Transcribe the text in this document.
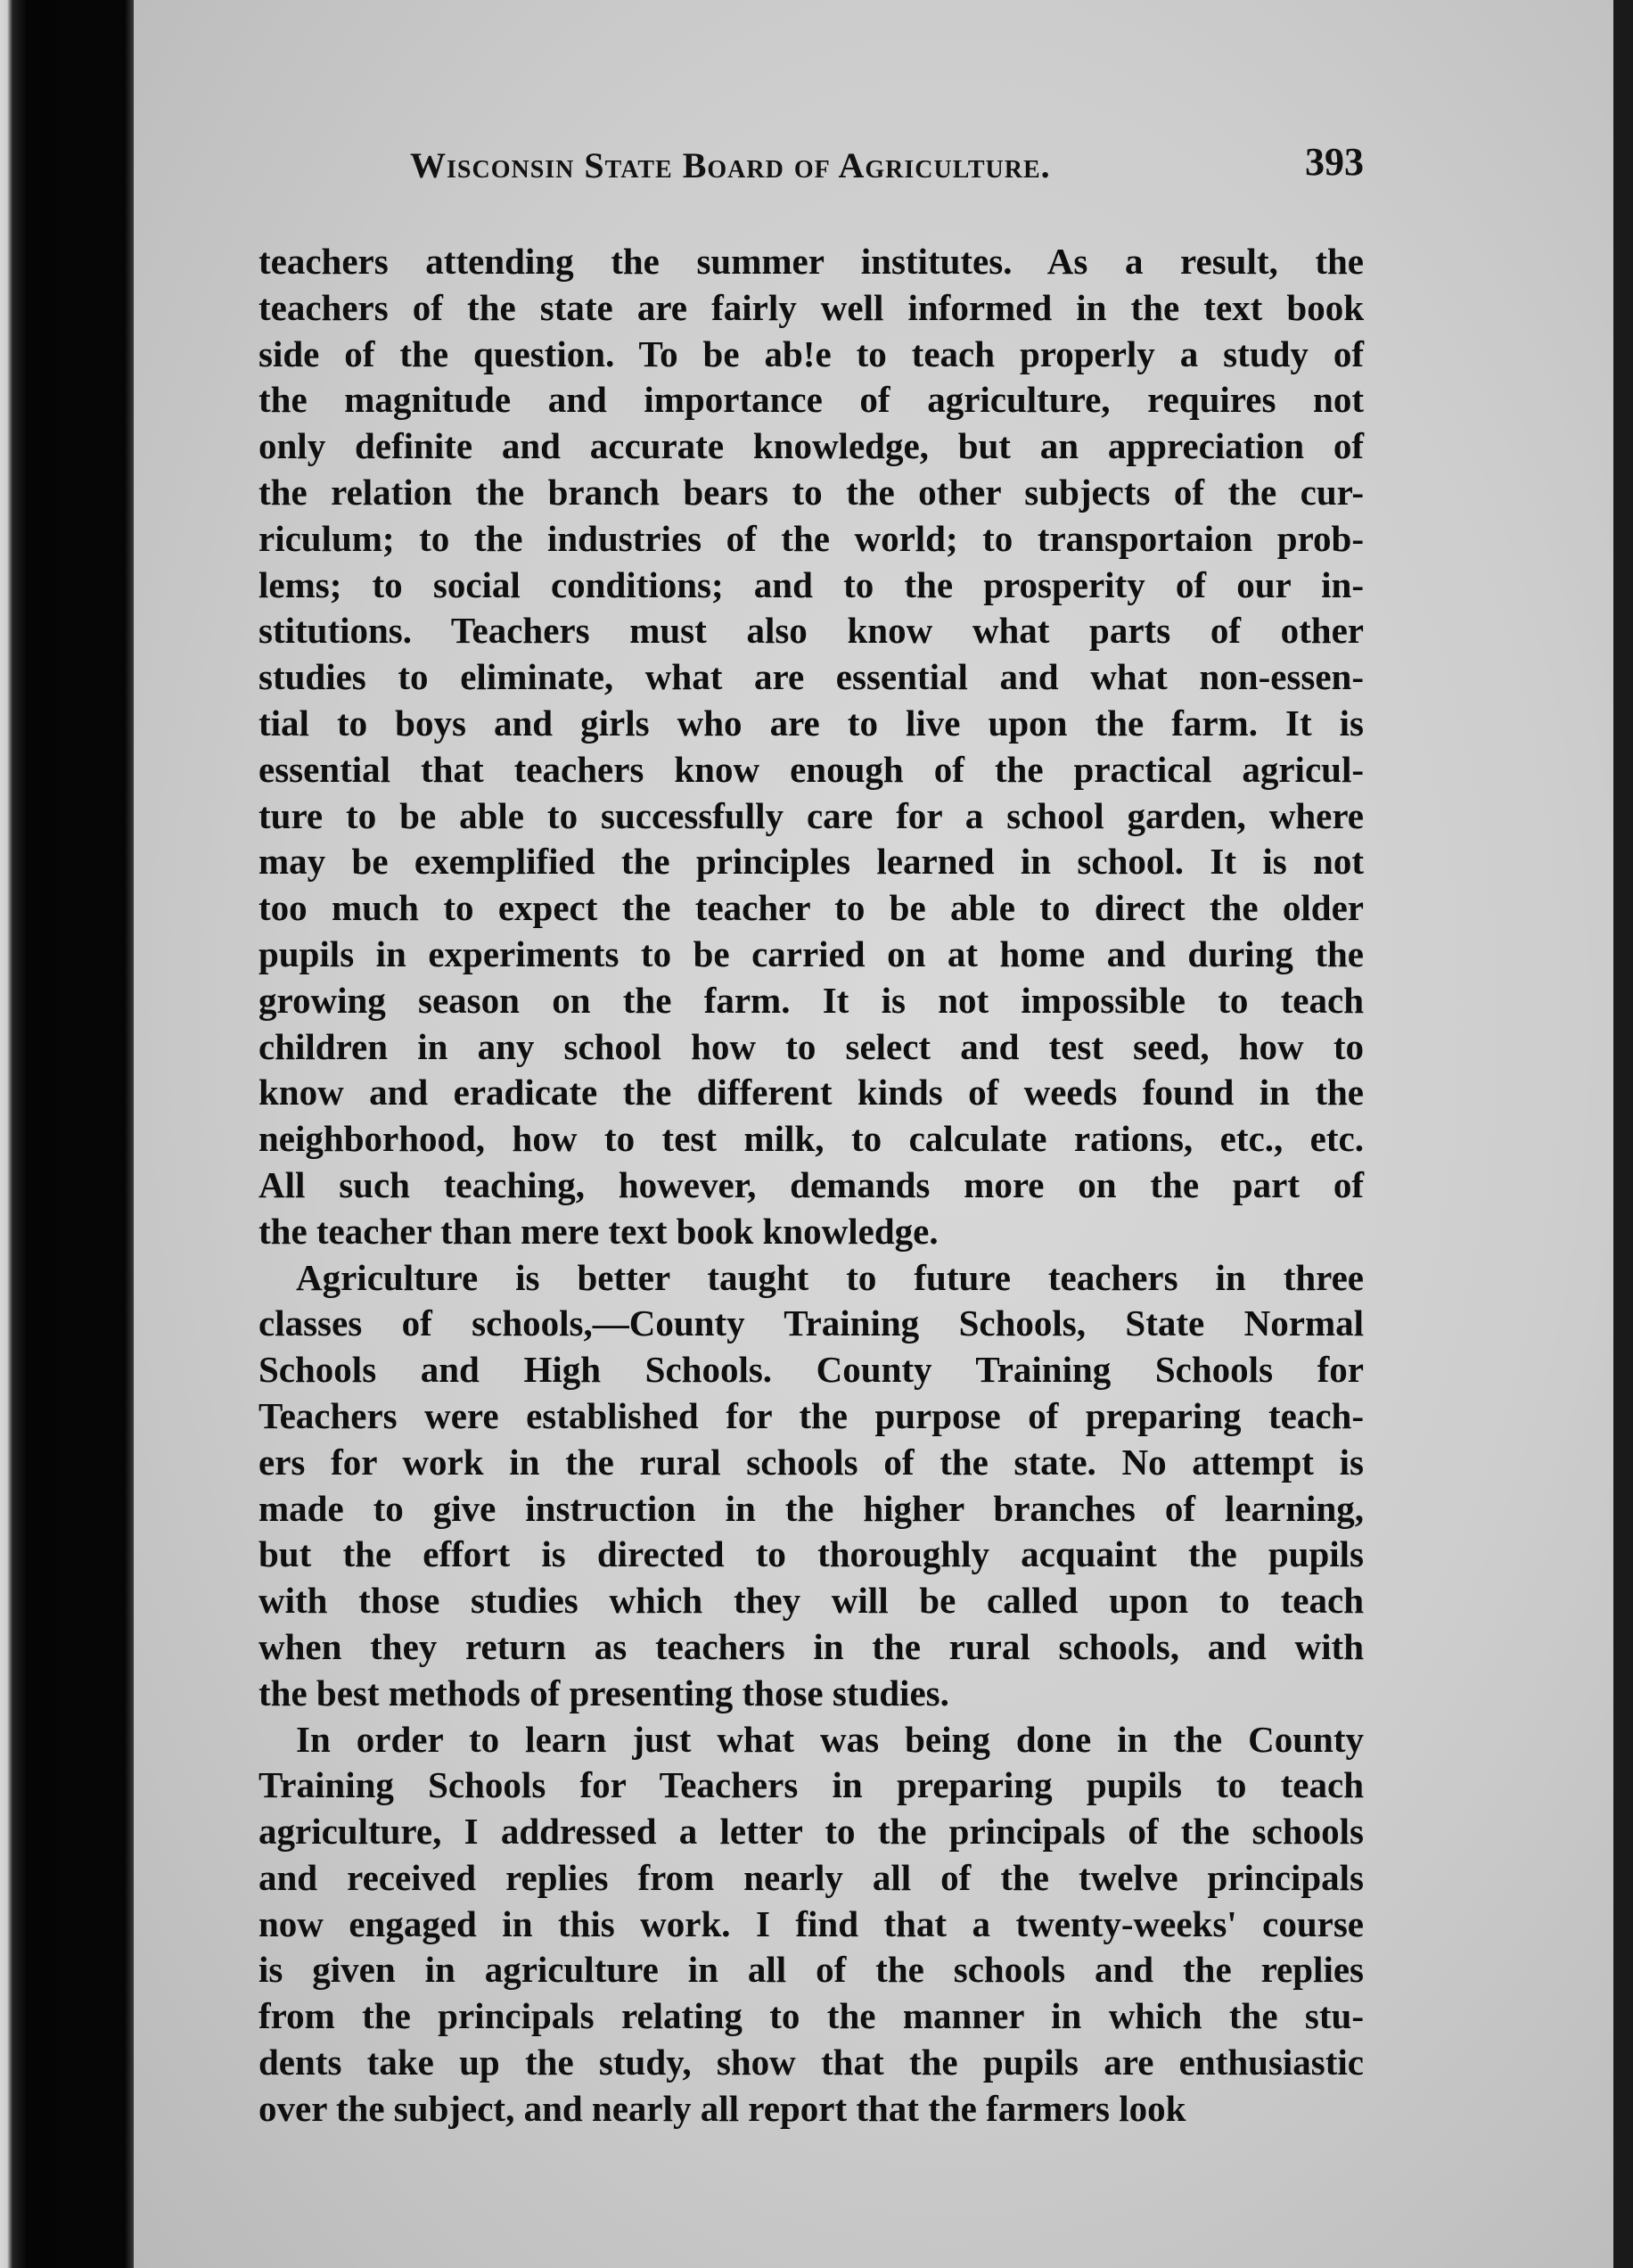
Wisconsin State Board of Agriculture.	393
teachers attending the summer institutes. As a result, the
teachers of the state are fairly well informed in the text book
side of the question. To be ab!e to teach properly a study of
the magnitude and importance of agriculture, requires not
only definite and accurate knowledge, but an appreciation of
the relation the branch bears to the other subjects of the cur-
riculum; to the industries of the world; to transportaion prob-
lems; to social conditions; and to the prosperity of our in-
stitutions. Teachers must also know what parts of other
studies to eliminate, what are essential and what non-essen-
tial to boys and girls who are to live upon the farm. It is
essential that teachers know enough of the practical agricul-
ture to be able to successfully care for a school garden, where
may be exemplified the principles learned in school. It is not
too much to expect the teacher to be able to direct the older
pupils in experiments to be carried on at home and during the
growing season on the farm. It is not impossible to teach
children in any school how to select and test seed, how to
know and eradicate the different kinds of weeds found in the
neighborhood, how to test milk, to calculate rations, etc., etc.
All such teaching, however, demands more on the part of
the teacher than mere text book knowledge.
Agriculture is better taught to future teachers in three
classes of schools,—County Training Schools, State Normal
Schools and High Schools. County Training Schools for
Teachers were established for the purpose of preparing teach-
ers for work in the rural schools of the state. No attempt is
made to give instruction in the higher branches of learning,
but the effort is directed to thoroughly acquaint the pupils
with those studies which they will be called upon to teach
when they return as teachers in the rural schools, and with
the best methods of presenting those studies.
In order to learn just what was being done in the County
Training Schools for Teachers in preparing pupils to teach
agriculture, I addressed a letter to the principals of the schools
and received replies from nearly all of the twelve principals
now engaged in this work. I find that a twenty-weeks' course
is given in agriculture in all of the schools and the replies
from the principals relating to the manner in which the stu-
dents take up the study, show that the pupils are enthusiastic
over the subject, and nearly all report that the farmers look
